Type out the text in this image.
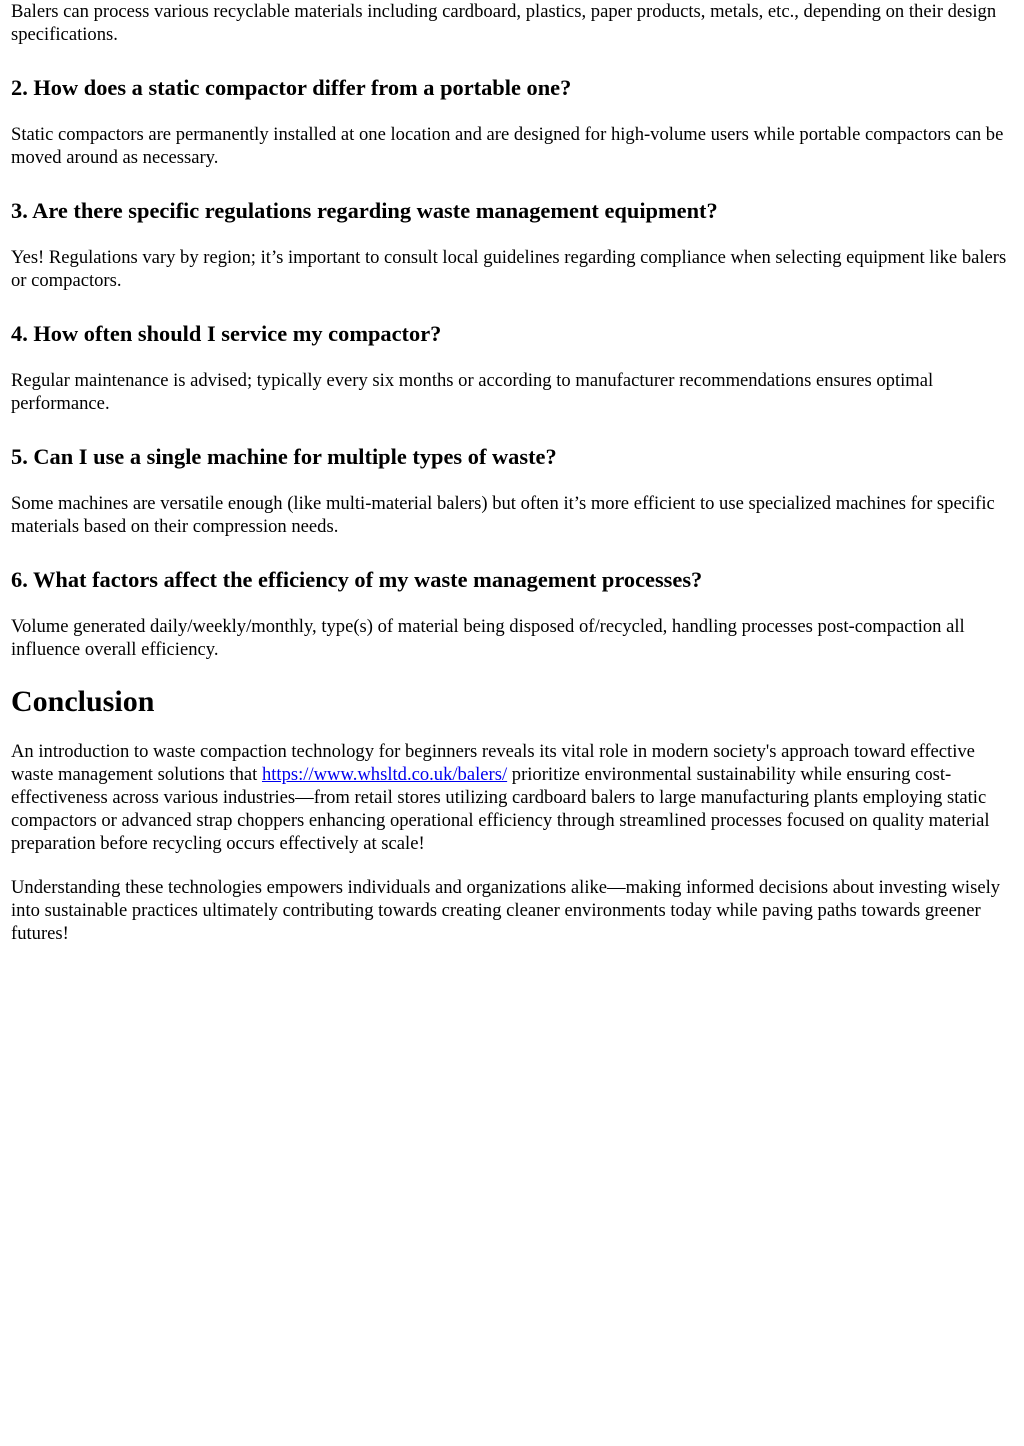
Balers can process various recyclable materials including cardboard, plastics, paper products, metals, etc., depending on their design specifications.

2. How does a static compactor differ from a portable one?

Static compactors are permanently installed at one location and are designed for high-volume users while portable compactors can be moved around as necessary.

3. Are there specific regulations regarding waste management equipment?

Yes! Regulations vary by region; it’s important to consult local guidelines regarding compliance when selecting equipment like balers or compactors.

4. How often should I service my compactor?

Regular maintenance is advised; typically every six months or according to manufacturer recommendations ensures optimal performance.

5. Can I use a single machine for multiple types of waste?

Some machines are versatile enough (like multi-material balers) but often it’s more efficient to use specialized machines for specific materials based on their compression needs.

6. What factors affect the efficiency of my waste management processes?

Volume generated daily/weekly/monthly, type(s) of material being disposed of/recycled, handling processes post-compaction all influence overall efficiency.

Conclusion

An introduction to waste compaction technology for beginners reveals its vital role in modern society's approach toward effective waste management solutions that https://www.whsltd.co.uk/balers/ prioritize environmental sustainability while ensuring cost-effectiveness across various industries—from retail stores utilizing cardboard balers to large manufacturing plants employing static compactors or advanced strap choppers enhancing operational efficiency through streamlined processes focused on quality material preparation before recycling occurs effectively at scale!

Understanding these technologies empowers individuals and organizations alike—making informed decisions about investing wisely into sustainable practices ultimately contributing towards creating cleaner environments today while paving paths towards greener futures!
